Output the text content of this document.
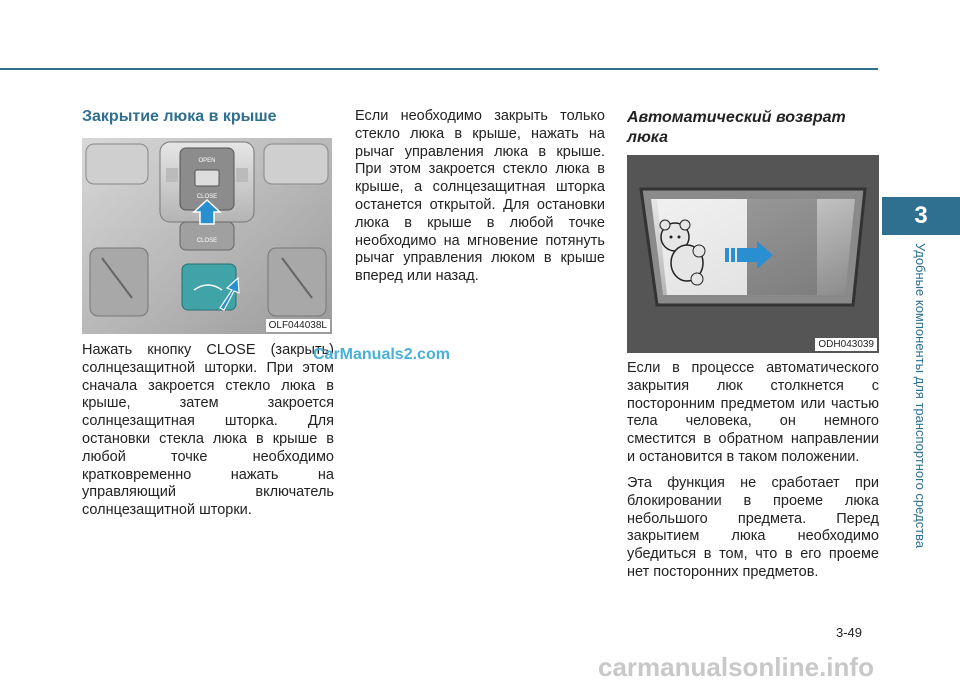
3
Удобные компоненты для транспортного средства
Закрытие люка в крыше
OPEN
CLOSE
CLOSE
OLF044038L
Нажать кнопку CLOSE (закрыть) солнцезащитной шторки. При этом сначала закроется стекло люка в крыше, затем закроется солнцезащитная шторка. Для остановки стекла люка в крыше в любой точке необходимо кратковременно нажать на управляющий включатель солнцезащитной шторки.
CarManuals2.com
Если необходимо закрыть только стекло люка в крыше, нажать на рычаг управления люка в крыше. При этом закроется стекло люка в крыше, а солнцезащитная шторка останется открытой. Для остановки люка в крыше в любой точке необходимо на мгновение потянуть рычаг управления люком в крыше вперед или назад.
Автоматический возврат люка
ODH043039
Если в процессе автоматического закрытия люк столкнется с посторонним предметом или частью тела человека, он немного сместится в обратном направлении и остановится в таком положении.
Эта функция не сработает при блокировании в проеме люка небольшого предмета. Перед закрытием люка необходимо убедиться в том, что в его проеме нет посторонних предметов.
3-49
carmanualsonline.info
